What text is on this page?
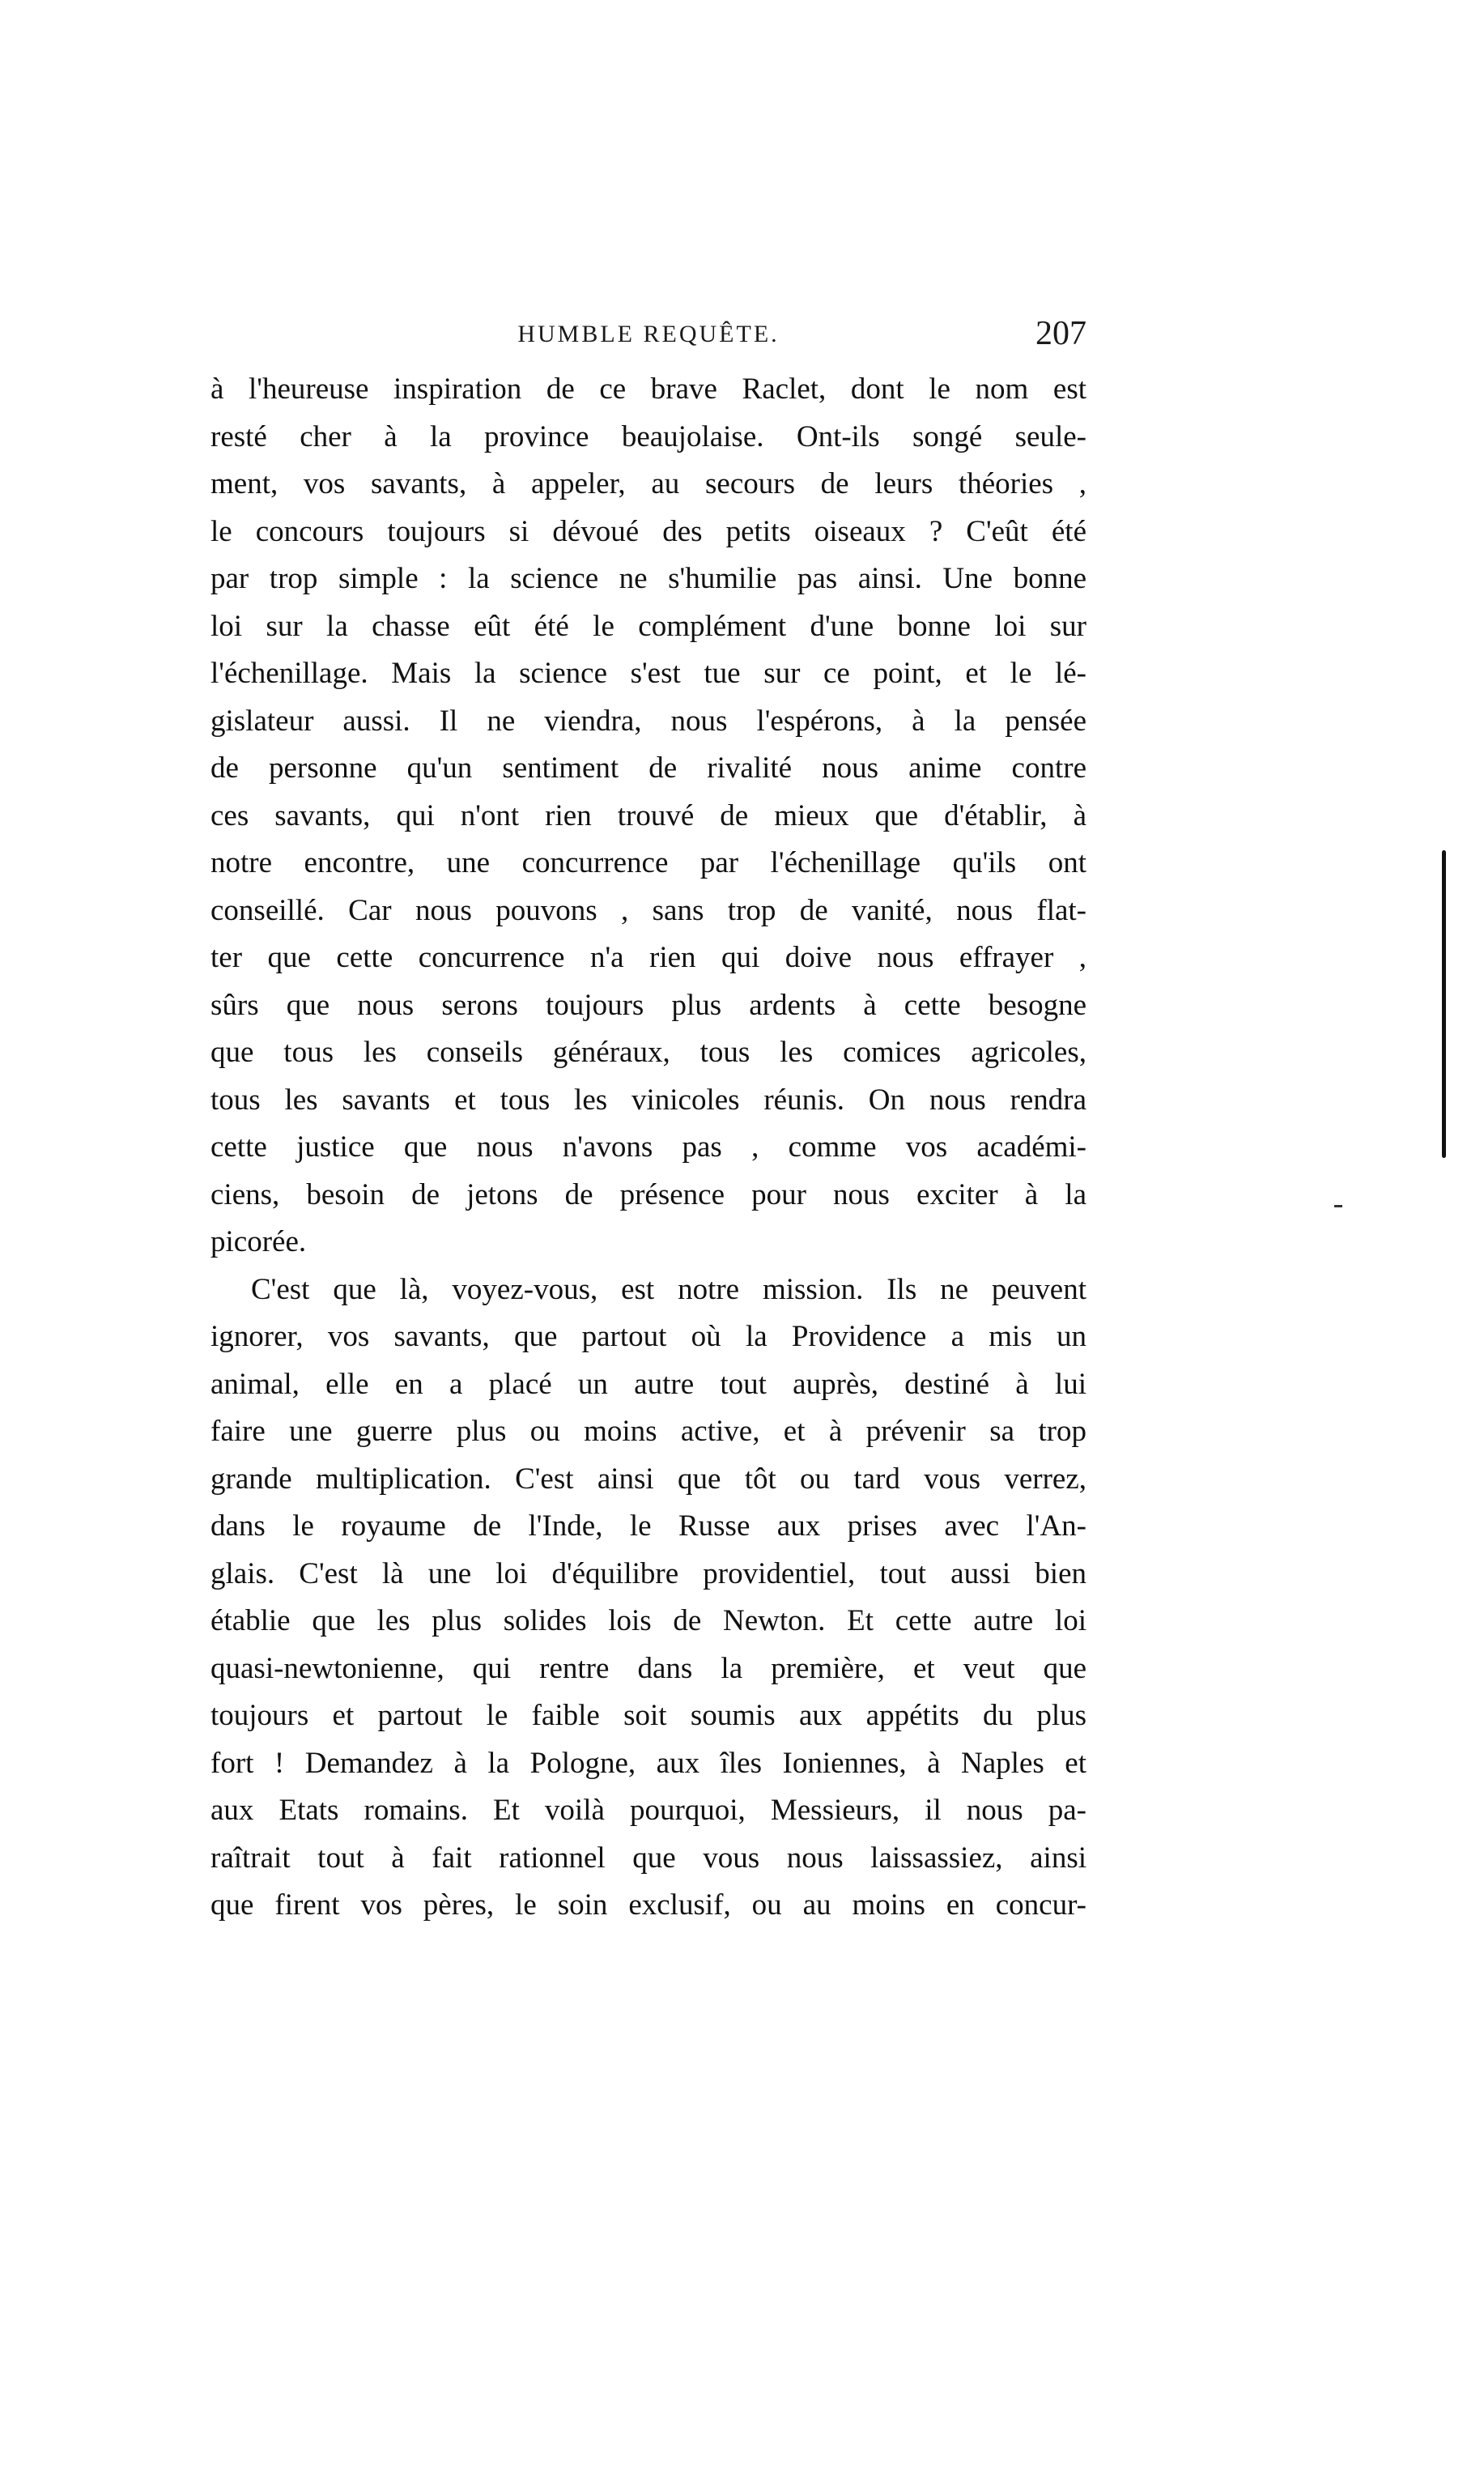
HUMBLE REQUÊTE.	207
à l'heureuse inspiration de ce brave Raclet, dont le nom est
resté cher à la province beaujolaise. Ont-ils songé seule-
ment, vos savants, à appeler, au secours de leurs théories ,
le concours toujours si dévoué des petits oiseaux ? C'eût été
par trop simple : la science ne s'humilie pas ainsi. Une bonne
loi sur la chasse eût été le complément d'une bonne loi sur
l'échenillage. Mais la science s'est tue sur ce point, et le lé-
gislateur aussi. Il ne viendra, nous l'espérons, à la pensée
de personne qu'un sentiment de rivalité nous anime contre
ces savants, qui n'ont rien trouvé de mieux que d'établir, à
notre encontre, une concurrence par l'échenillage qu'ils ont
conseillé. Car nous pouvons , sans trop de vanité, nous flat-
ter que cette concurrence n'a rien qui doive nous effrayer ,
sûrs que nous serons toujours plus ardents à cette besogne
que tous les conseils généraux, tous les comices agricoles,
tous les savants et tous les vinicoles réunis. On nous rendra
cette justice que nous n'avons pas , comme vos académi-
ciens, besoin de jetons de présence pour nous exciter à la
picorée.
C'est que là, voyez-vous, est notre mission. Ils ne peuvent
ignorer, vos savants, que partout où la Providence a mis un
animal, elle en a placé un autre tout auprès, destiné à lui
faire une guerre plus ou moins active, et à prévenir sa trop
grande multiplication. C'est ainsi que tôt ou tard vous verrez,
dans le royaume de l'Inde, le Russe aux prises avec l'An-
glais. C'est là une loi d'équilibre providentiel, tout aussi bien
établie que les plus solides lois de Newton. Et cette autre loi
quasi-newtonienne, qui rentre dans la première, et veut que
toujours et partout le faible soit soumis aux appétits du plus
fort ! Demandez à la Pologne, aux îles Ioniennes, à Naples et
aux Etats romains. Et voilà pourquoi, Messieurs, il nous pa-
raîtrait tout à fait rationnel que vous nous laissassiez, ainsi
que firent vos pères, le soin exclusif, ou au moins en concur-
